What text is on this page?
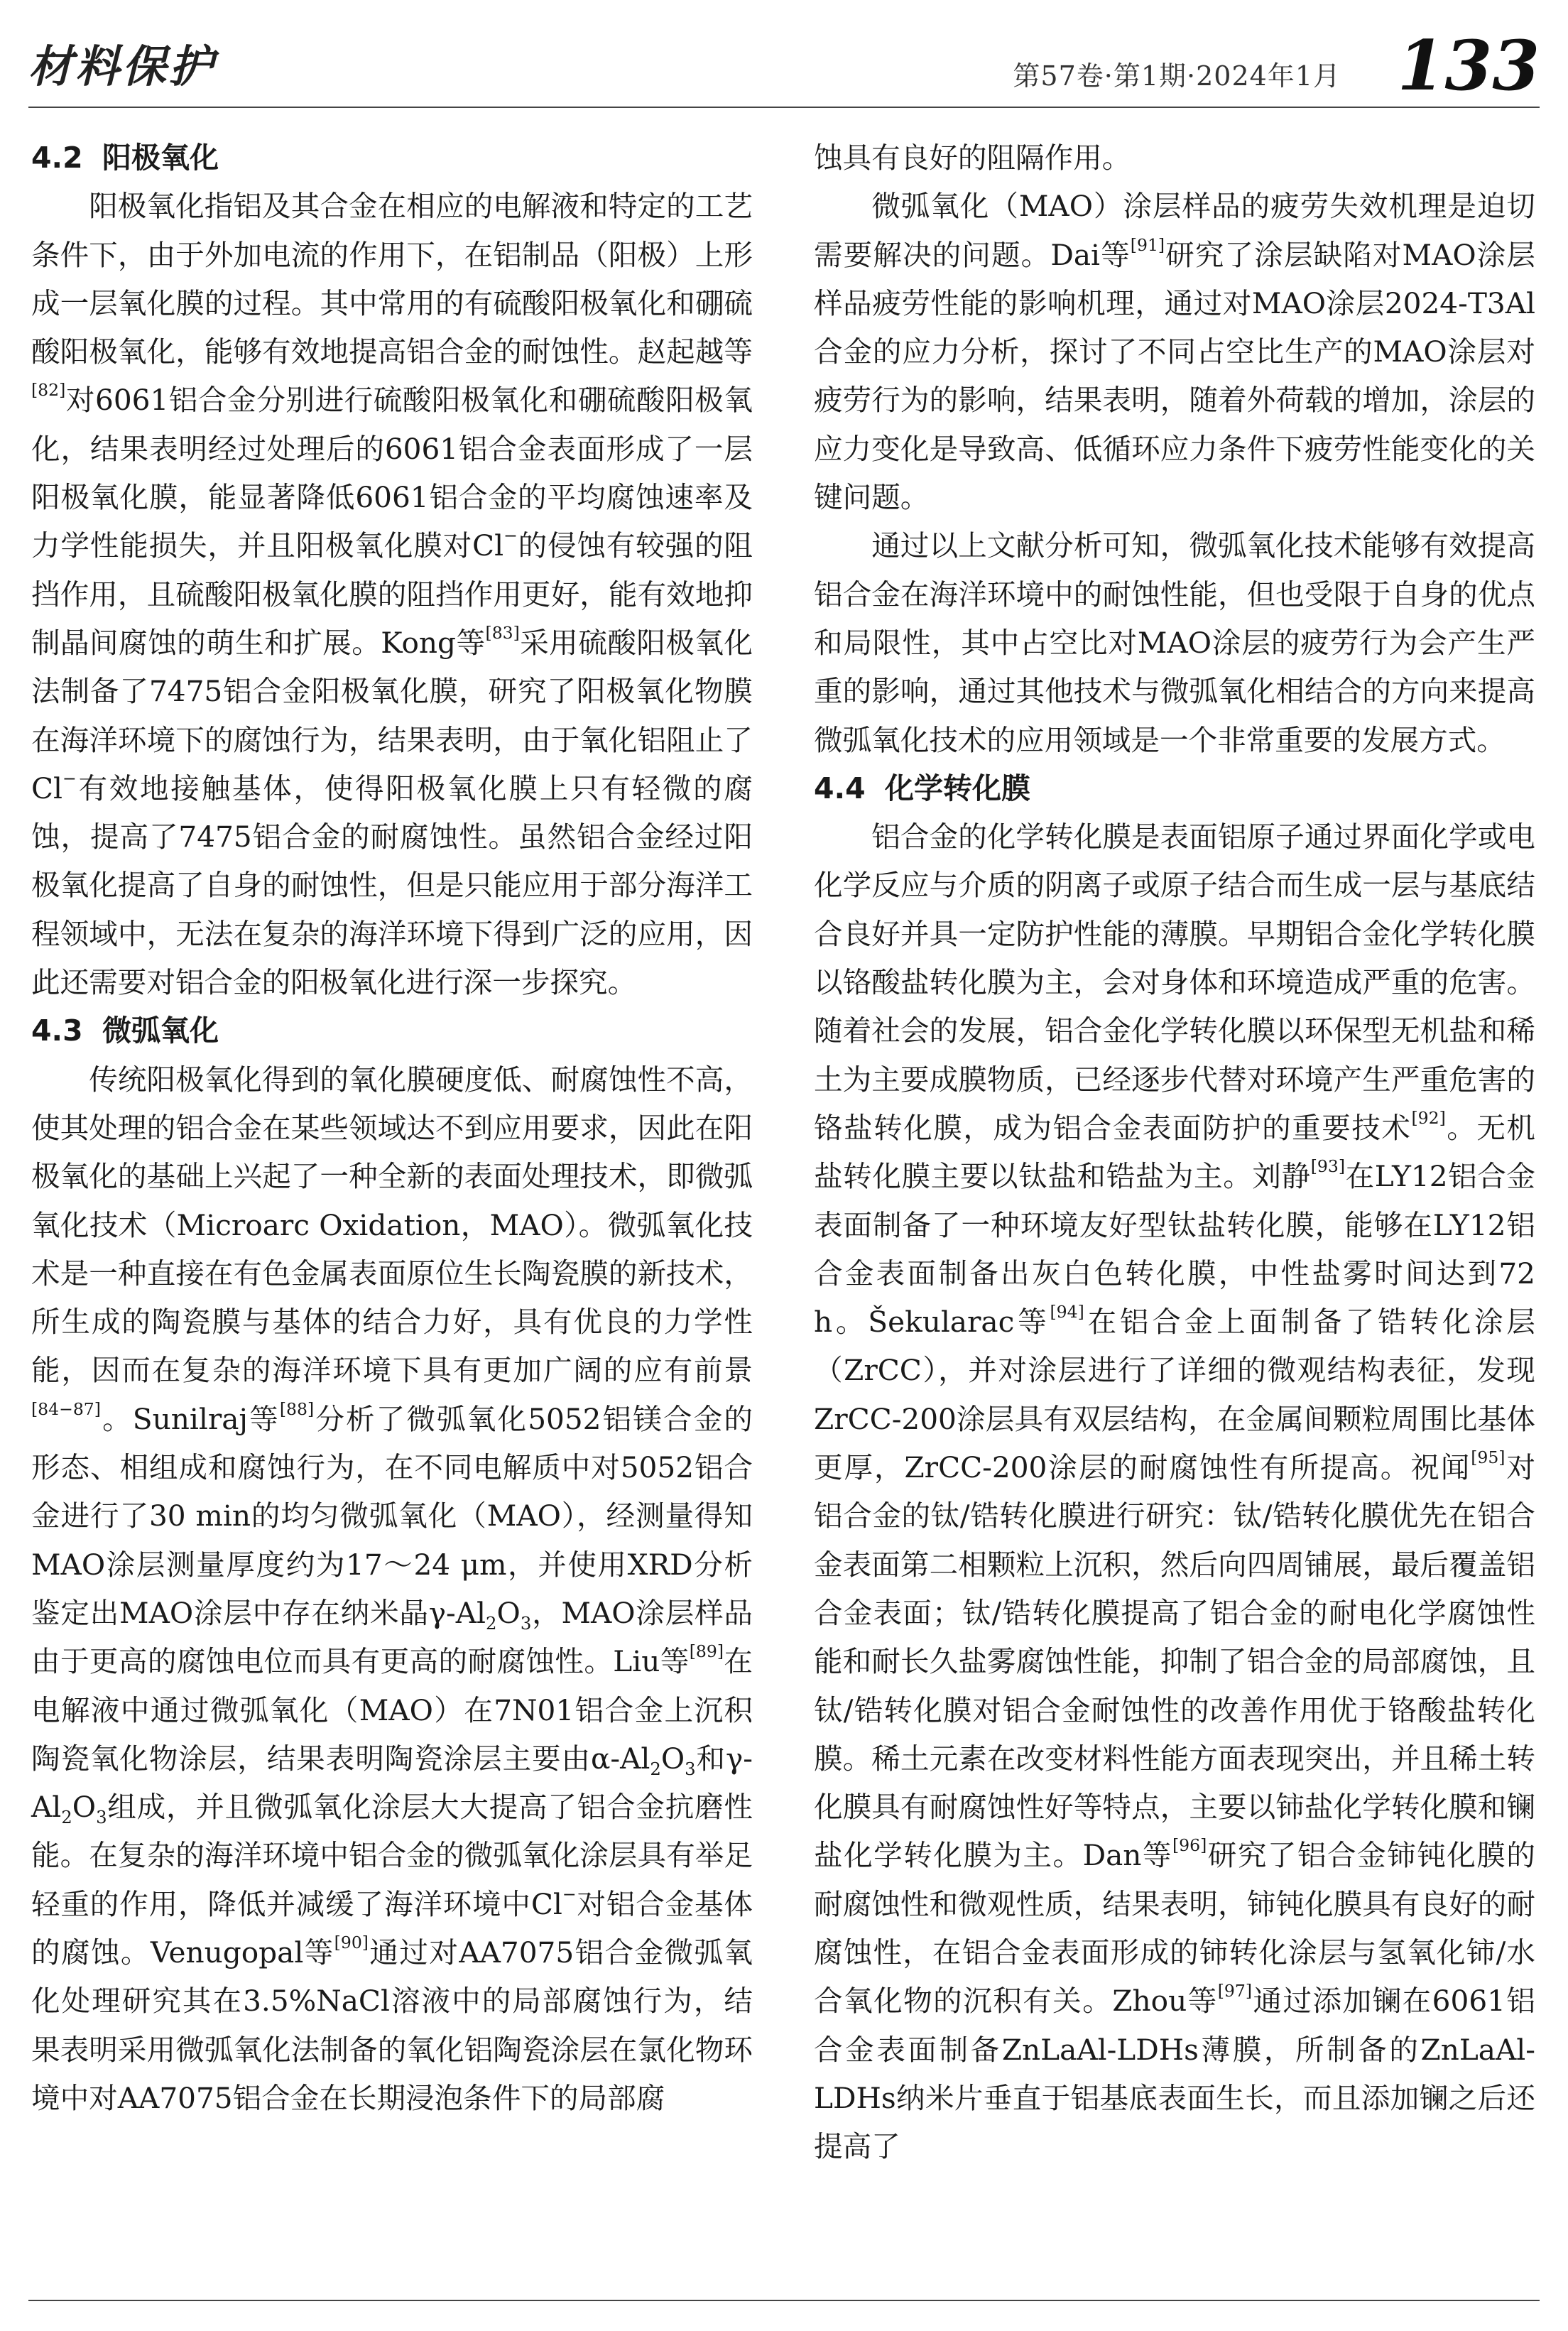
材料保护	第57卷·第1期·2024年1月 133
4.2 阳极氧化

阳极氧化指铝及其合金在相应的电解液和特定的工艺条件下，由于外加电流的作用下，在铝制品（阳极）上形成一层氧化膜的过程。其中常用的有硫酸阳极氧化和硼硫酸阳极氧化，能够有效地提高铝合金的耐蚀性。赵起越等[82]对6061铝合金分别进行硫酸阳极氧化和硼硫酸阳极氧化，结果表明经过处理后的6061铝合金表面形成了一层阳极氧化膜，能显著降低6061铝合金的平均腐蚀速率及力学性能损失，并且阳极氧化膜对Cl−的侵蚀有较强的阻挡作用，且硫酸阳极氧化膜的阻挡作用更好，能有效地抑制晶间腐蚀的萌生和扩展。Kong等[83]采用硫酸阳极氧化法制备了7475铝合金阳极氧化膜，研究了阳极氧化物膜在海洋环境下的腐蚀行为，结果表明，由于氧化铝阻止了Cl−有效地接触基体，使得阳极氧化膜上只有轻微的腐蚀，提高了7475铝合金的耐腐蚀性。虽然铝合金经过阳极氧化提高了自身的耐蚀性，但是只能应用于部分海洋工程领域中，无法在复杂的海洋环境下得到广泛的应用，因此还需要对铝合金的阳极氧化进行深一步探究。

4.3 微弧氧化

传统阳极氧化得到的氧化膜硬度低、耐腐蚀性不高，使其处理的铝合金在某些领域达不到应用要求，因此在阳极氧化的基础上兴起了一种全新的表面处理技术，即微弧氧化技术（Microarc Oxidation，MAO）。微弧氧化技术是一种直接在有色金属表面原位生长陶瓷膜的新技术，所生成的陶瓷膜与基体的结合力好，具有优良的力学性能，因而在复杂的海洋环境下具有更加广阔的应有前景[84−87]。Sunilraj等[88]分析了微弧氧化5052铝镁合金的形态、相组成和腐蚀行为，在不同电解质中对5052铝合金进行了30 min的均匀微弧氧化（MAO），经测量得知MAO涂层测量厚度约为17～24 μm，并使用XRD分析鉴定出MAO涂层中存在纳米晶$\gamma-Al_2O_3$，MAO涂层样品由于更高的腐蚀电位而具有更高的耐腐蚀性。Liu等[89]在电解液中通过微弧氧化（MAO）在7N01铝合金上沉积陶瓷氧化物涂层，结果表明陶瓷涂层主要由$\alpha-Al_2O_3$和$\gamma-Al_2O_3$组成，并且微弧氧化涂层大大提高了铝合金抗磨性能。在复杂的海洋环境中铝合金的微弧氧化涂层具有举足轻重的作用，降低并减缓了海洋环境中Cl−对铝合金基体的腐蚀。Venugopal等[90]通过对AA7075铝合金微弧氧化处理研究其在3.5%NaCl溶液中的局部腐蚀行为，结果表明采用微弧氧化法制备的氧化铝陶瓷涂层在氯化物环境中对AA7075铝合金在长期浸泡条件下的局部腐

蚀具有良好的阻隔作用。

微弧氧化（MAO）涂层样品的疲劳失效机理是迫切需要解决的问题。Dai等[91]研究了涂层缺陷对MAO涂层样品疲劳性能的影响机理，通过对MAO涂层2024-T3Al合金的应力分析，探讨了不同占空比生产的MAO涂层对疲劳行为的影响，结果表明，随着外荷载的增加，涂层的应力变化是导致高、低循环应力条件下疲劳性能变化的关键问题。

通过以上文献分析可知，微弧氧化技术能够有效提高铝合金在海洋环境中的耐蚀性能，但也受限于自身的优点和局限性，其中占空比对MAO涂层的疲劳行为会产生严重的影响，通过其他技术与微弧氧化相结合的方向来提高微弧氧化技术的应用领域是一个非常重要的发展方式。

4.4 化学转化膜

铝合金的化学转化膜是表面铝原子通过界面化学或电化学反应与介质的阴离子或原子结合而生成一层与基底结合良好并具一定防护性能的薄膜。早期铝合金化学转化膜以铬酸盐转化膜为主，会对身体和环境造成严重的危害。随着社会的发展，铝合金化学转化膜以环保型无机盐和稀土为主要成膜物质，已经逐步代替对环境产生严重危害的铬盐转化膜，成为铝合金表面防护的重要技术[92]。无机盐转化膜主要以钛盐和锆盐为主。刘静[93]在LY12铝合金表面制备了一种环境友好型钛盐转化膜，能够在LY12铝合金表面制备出灰白色转化膜，中性盐雾时间达到72 h。Šekularac等[94]在铝合金上面制备了锆转化涂层（ZrCC），并对涂层进行了详细的微观结构表征，发现ZrCC-200涂层具有双层结构，在金属间颗粒周围比基体更厚，ZrCC-200涂层的耐腐蚀性有所提高。祝闻[95]对铝合金的钛/锆转化膜进行研究：钛/锆转化膜优先在铝合金表面第二相颗粒上沉积，然后向四周铺展，最后覆盖铝合金表面；钛/锆转化膜提高了铝合金的耐电化学腐蚀性能和耐长久盐雾腐蚀性能，抑制了铝合金的局部腐蚀，且钛/锆转化膜对铝合金耐蚀性的改善作用优于铬酸盐转化膜。稀土元素在改变材料性能方面表现突出，并且稀土转化膜具有耐腐蚀性好等特点，主要以铈盐化学转化膜和镧盐化学转化膜为主。Dan等[96]研究了铝合金铈钝化膜的耐腐蚀性和微观性质，结果表明，铈钝化膜具有良好的耐腐蚀性，在铝合金表面形成的铈转化涂层与氢氧化铈/水合氧化物的沉积有关。Zhou等[97]通过添加镧在6061铝合金表面制备ZnLaAl-LDHs薄膜，所制备的ZnLaAl-LDHs纳米片垂直于铝基底表面生长，而且添加镧之后还提高了
